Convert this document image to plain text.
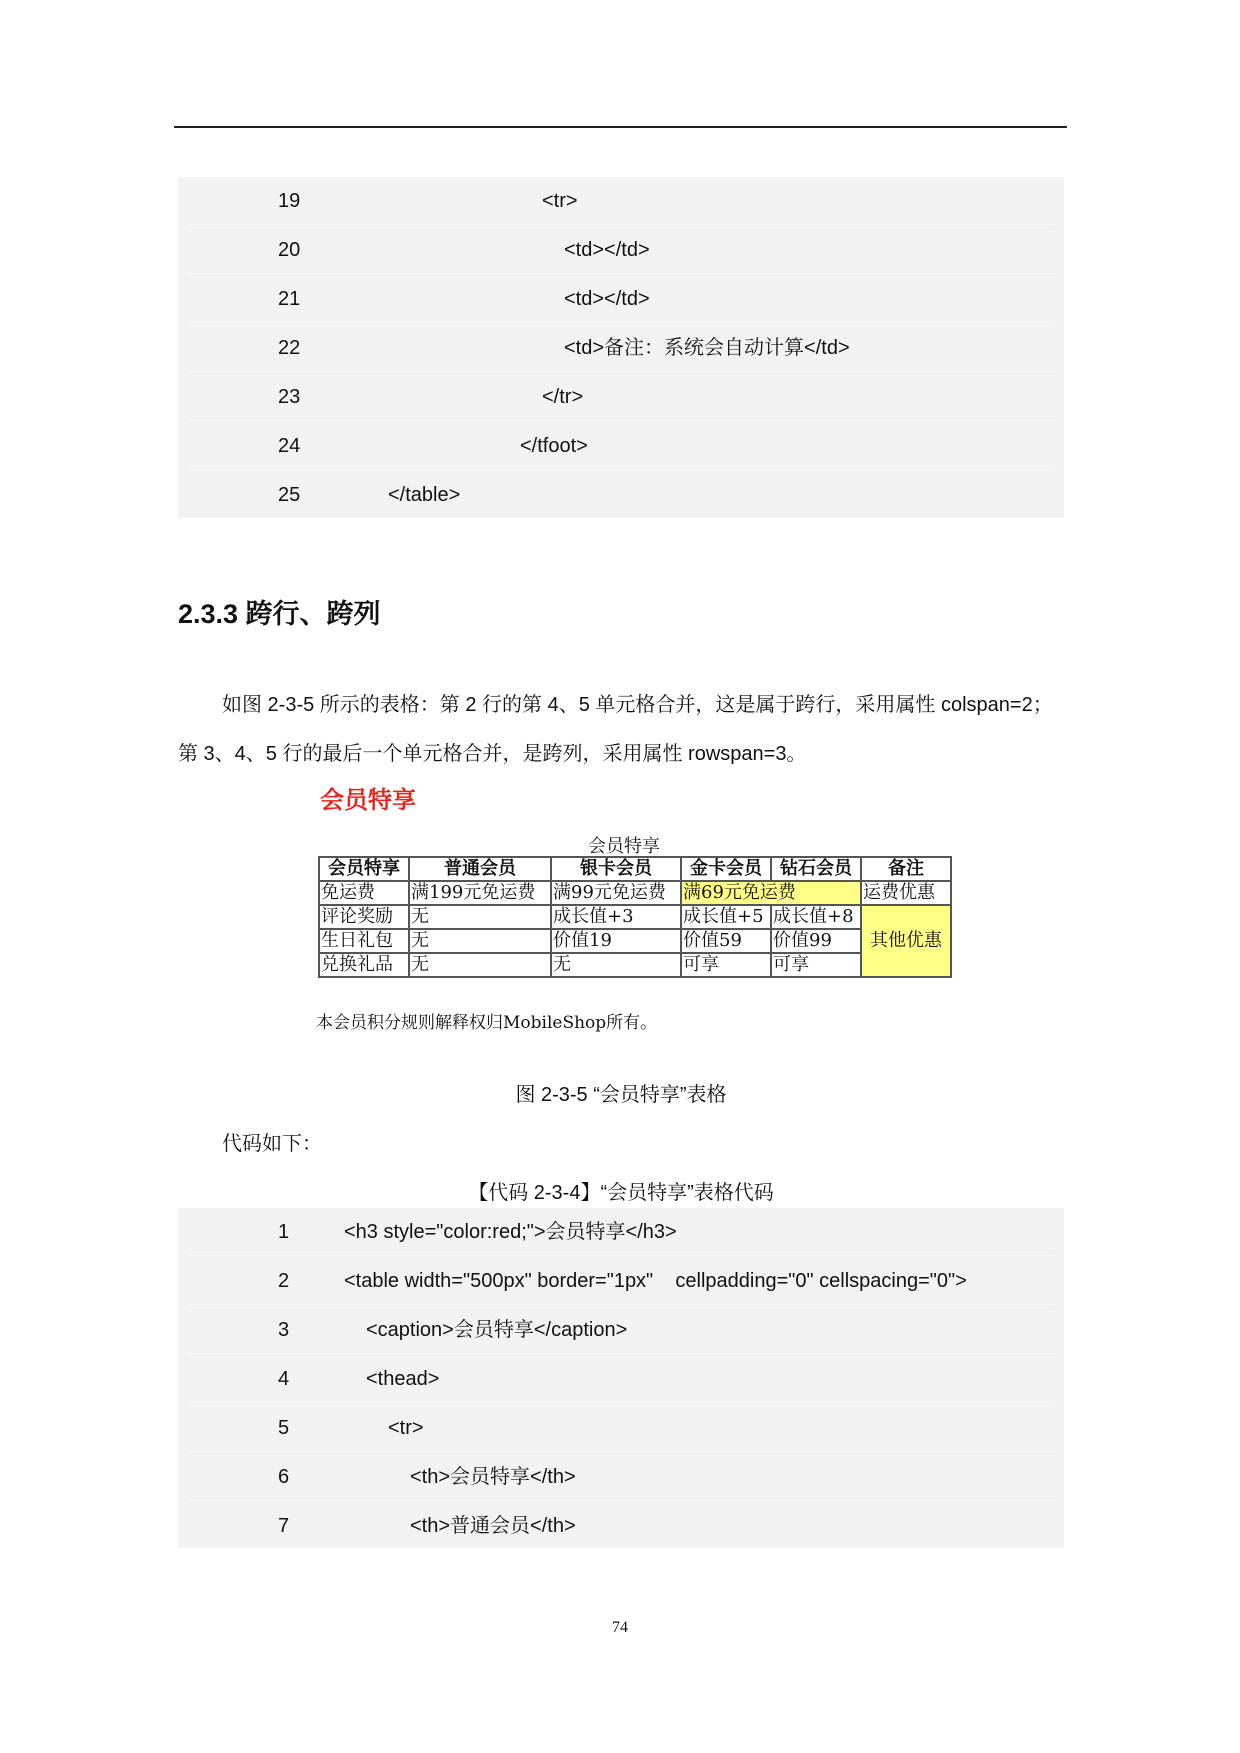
19	<tr>
20	<td></td>
21	<td></td>
22	<td>备注：系统会自动计算</td>
23	</tr>
24	</tfoot>
25	</table>
2.3.3 跨行、跨列
如图 2-3-5 所示的表格：第 2 行的第 4、5 单元格合并，这是属于跨行，采用属性 colspan=2；
第 3、4、5 行的最后一个单元格合并，是跨列，采用属性 rowspan=3。
会员特享
会员特享
会员特享	普通会员	银卡会员	金卡会员	钻石会员	备注
免运费	满199元免运费	满99元免运费	满69元免运费		运费优惠
评论奖励	无	成长值+3	成长值+5	成长值+8	其他优惠
生日礼包	无	价值19	价值59	价值99	
兑换礼品	无	无	可享	可享	
本会员积分规则解释权归MobileShop所有。
图 2-3-5 “会员特享”表格
代码如下：
【代码 2-3-4】“会员特享”表格代码
1	<h3 style="color:red;">会员特享</h3>
2	<table width="500px" border="1px"    cellpadding="0" cellspacing="0">
3	<caption>会员特享</caption>
4	<thead>
5	<tr>
6	<th>会员特享</th>
7	<th>普通会员</th>
74
